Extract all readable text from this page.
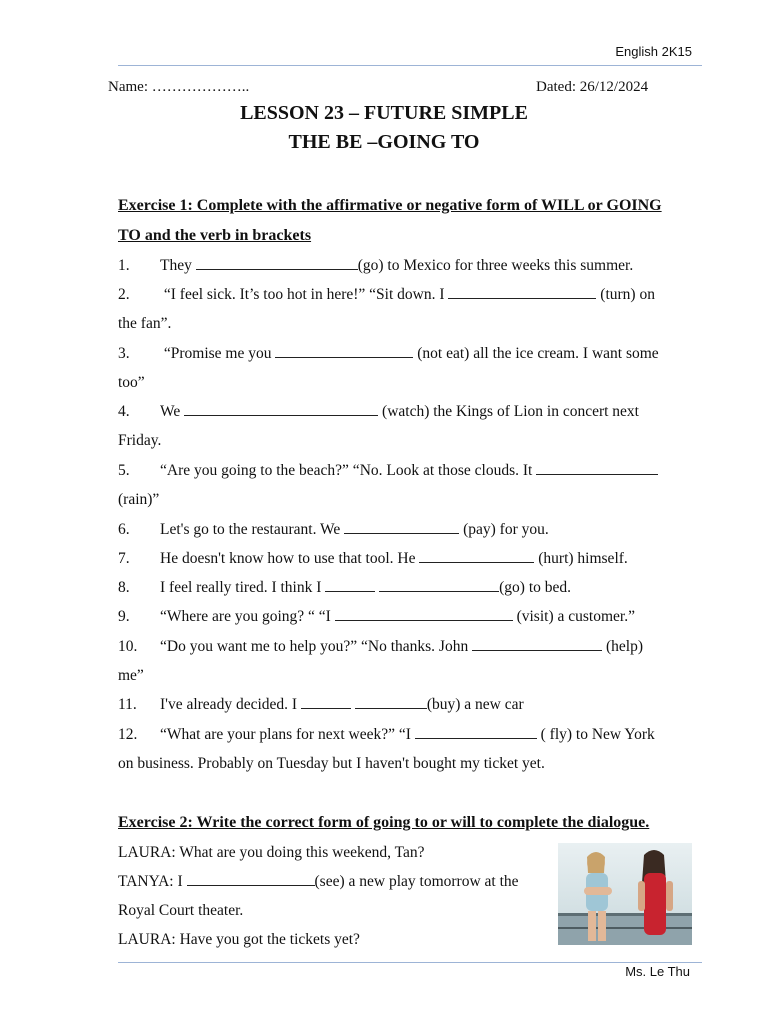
English 2K15
Name: ………………..	Dated: 26/12/2024
LESSON 23 – FUTURE SIMPLE
THE BE –GOING TO
Exercise 1: Complete with the affirmative or negative form of WILL or GOING
TO and the verb in brackets
1. They	(go) to Mexico for three weeks this summer.
2. “I feel sick. It’s too hot in here!” “Sit down. I	(turn) on
the fan”.
3. “Promise me you	(not eat) all the ice cream. I want some
too”
4. We	(watch) the Kings of Lion in concert next
Friday.
5. “Are you going to the beach?” “No. Look at those clouds. It
(rain)”
6. Let's go to the restaurant. We	(pay) for you.
7. He doesn't know how to use that tool. He	(hurt) himself.
8. I feel really tired. I think I	(go) to bed.
9. “Where are you going? “ “I	(visit) a customer.”
10. “Do you want me to help you?” “No thanks. John	(help)
me”
11. I've already decided. I	(buy) a new car
12. “What are your plans for next week?” “I	( fly) to New York
on business. Probably on Tuesday but I haven't bought my ticket yet.
Exercise 2: Write the correct form of going to or will to complete the dialogue.
LAURA: What are you doing this weekend, Tan?
TANYA: I	(see) a new play tomorrow at the
Royal Court theater.
LAURA: Have you got the tickets yet?
Ms. Le Thu
